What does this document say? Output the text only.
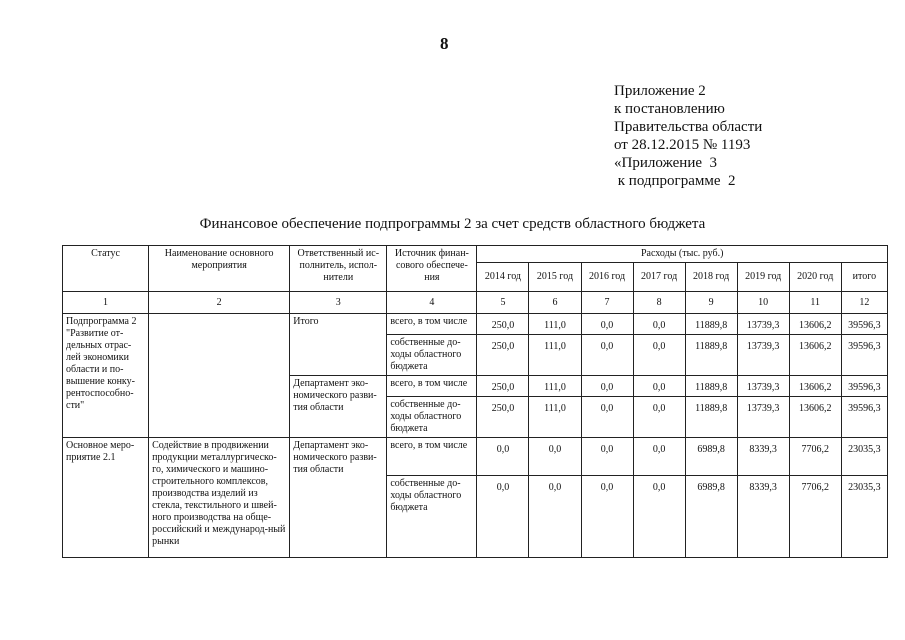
8
Приложение 2
к постановлению
Правительства области
от 28.12.2015 № 1193
«Приложение  3
к подпрограмме  2
Финансовое обеспечение подпрограммы 2 за счет средств областного бюджета
Статус	Наименование основного мероприятия	Ответственный ис-полнитель, испол-нители	Источник финан-сового обеспече-ния	Расходы (тыс. руб.)							
				2014 год	2015 год	2016 год	2017 год	2018 год	2019 год	2020 год	итого
1	2	3	4	5	6	7	8	9	10	11	12
Подпрограмма 2 "Развитие от-дельных отрас-лей экономики области и по-вышение конку-рентоспособно-сти"		Итого	всего, в том числе	250,0	111,0	0,0	0,0	11889,8	13739,3	13606,2	39596,3
			собственные до-ходы областного бюджета	250,0	111,0	0,0	0,0	11889,8	13739,3	13606,2	39596,3
		Департамент эко-номического разви-тия области	всего, в том числе	250,0	111,0	0,0	0,0	11889,8	13739,3	13606,2	39596,3
			собственные до-ходы областного бюджета	250,0	111,0	0,0	0,0	11889,8	13739,3	13606,2	39596,3
Основное меро-приятие 2.1	Содействие в продвижении продукции металлургическо-го, химического и машино-строительного комплексов, производства изделий из стекла, текстильного и швей-ного производства на обще-российский и международ-ный рынки	Департамент эко-номического разви-тия области	всего, в том числе	0,0	0,0	0,0	0,0	6989,8	8339,3	7706,2	23035,3
			собственные до-ходы областного бюджета	0,0	0,0	0,0	0,0	6989,8	8339,3	7706,2	23035,3
